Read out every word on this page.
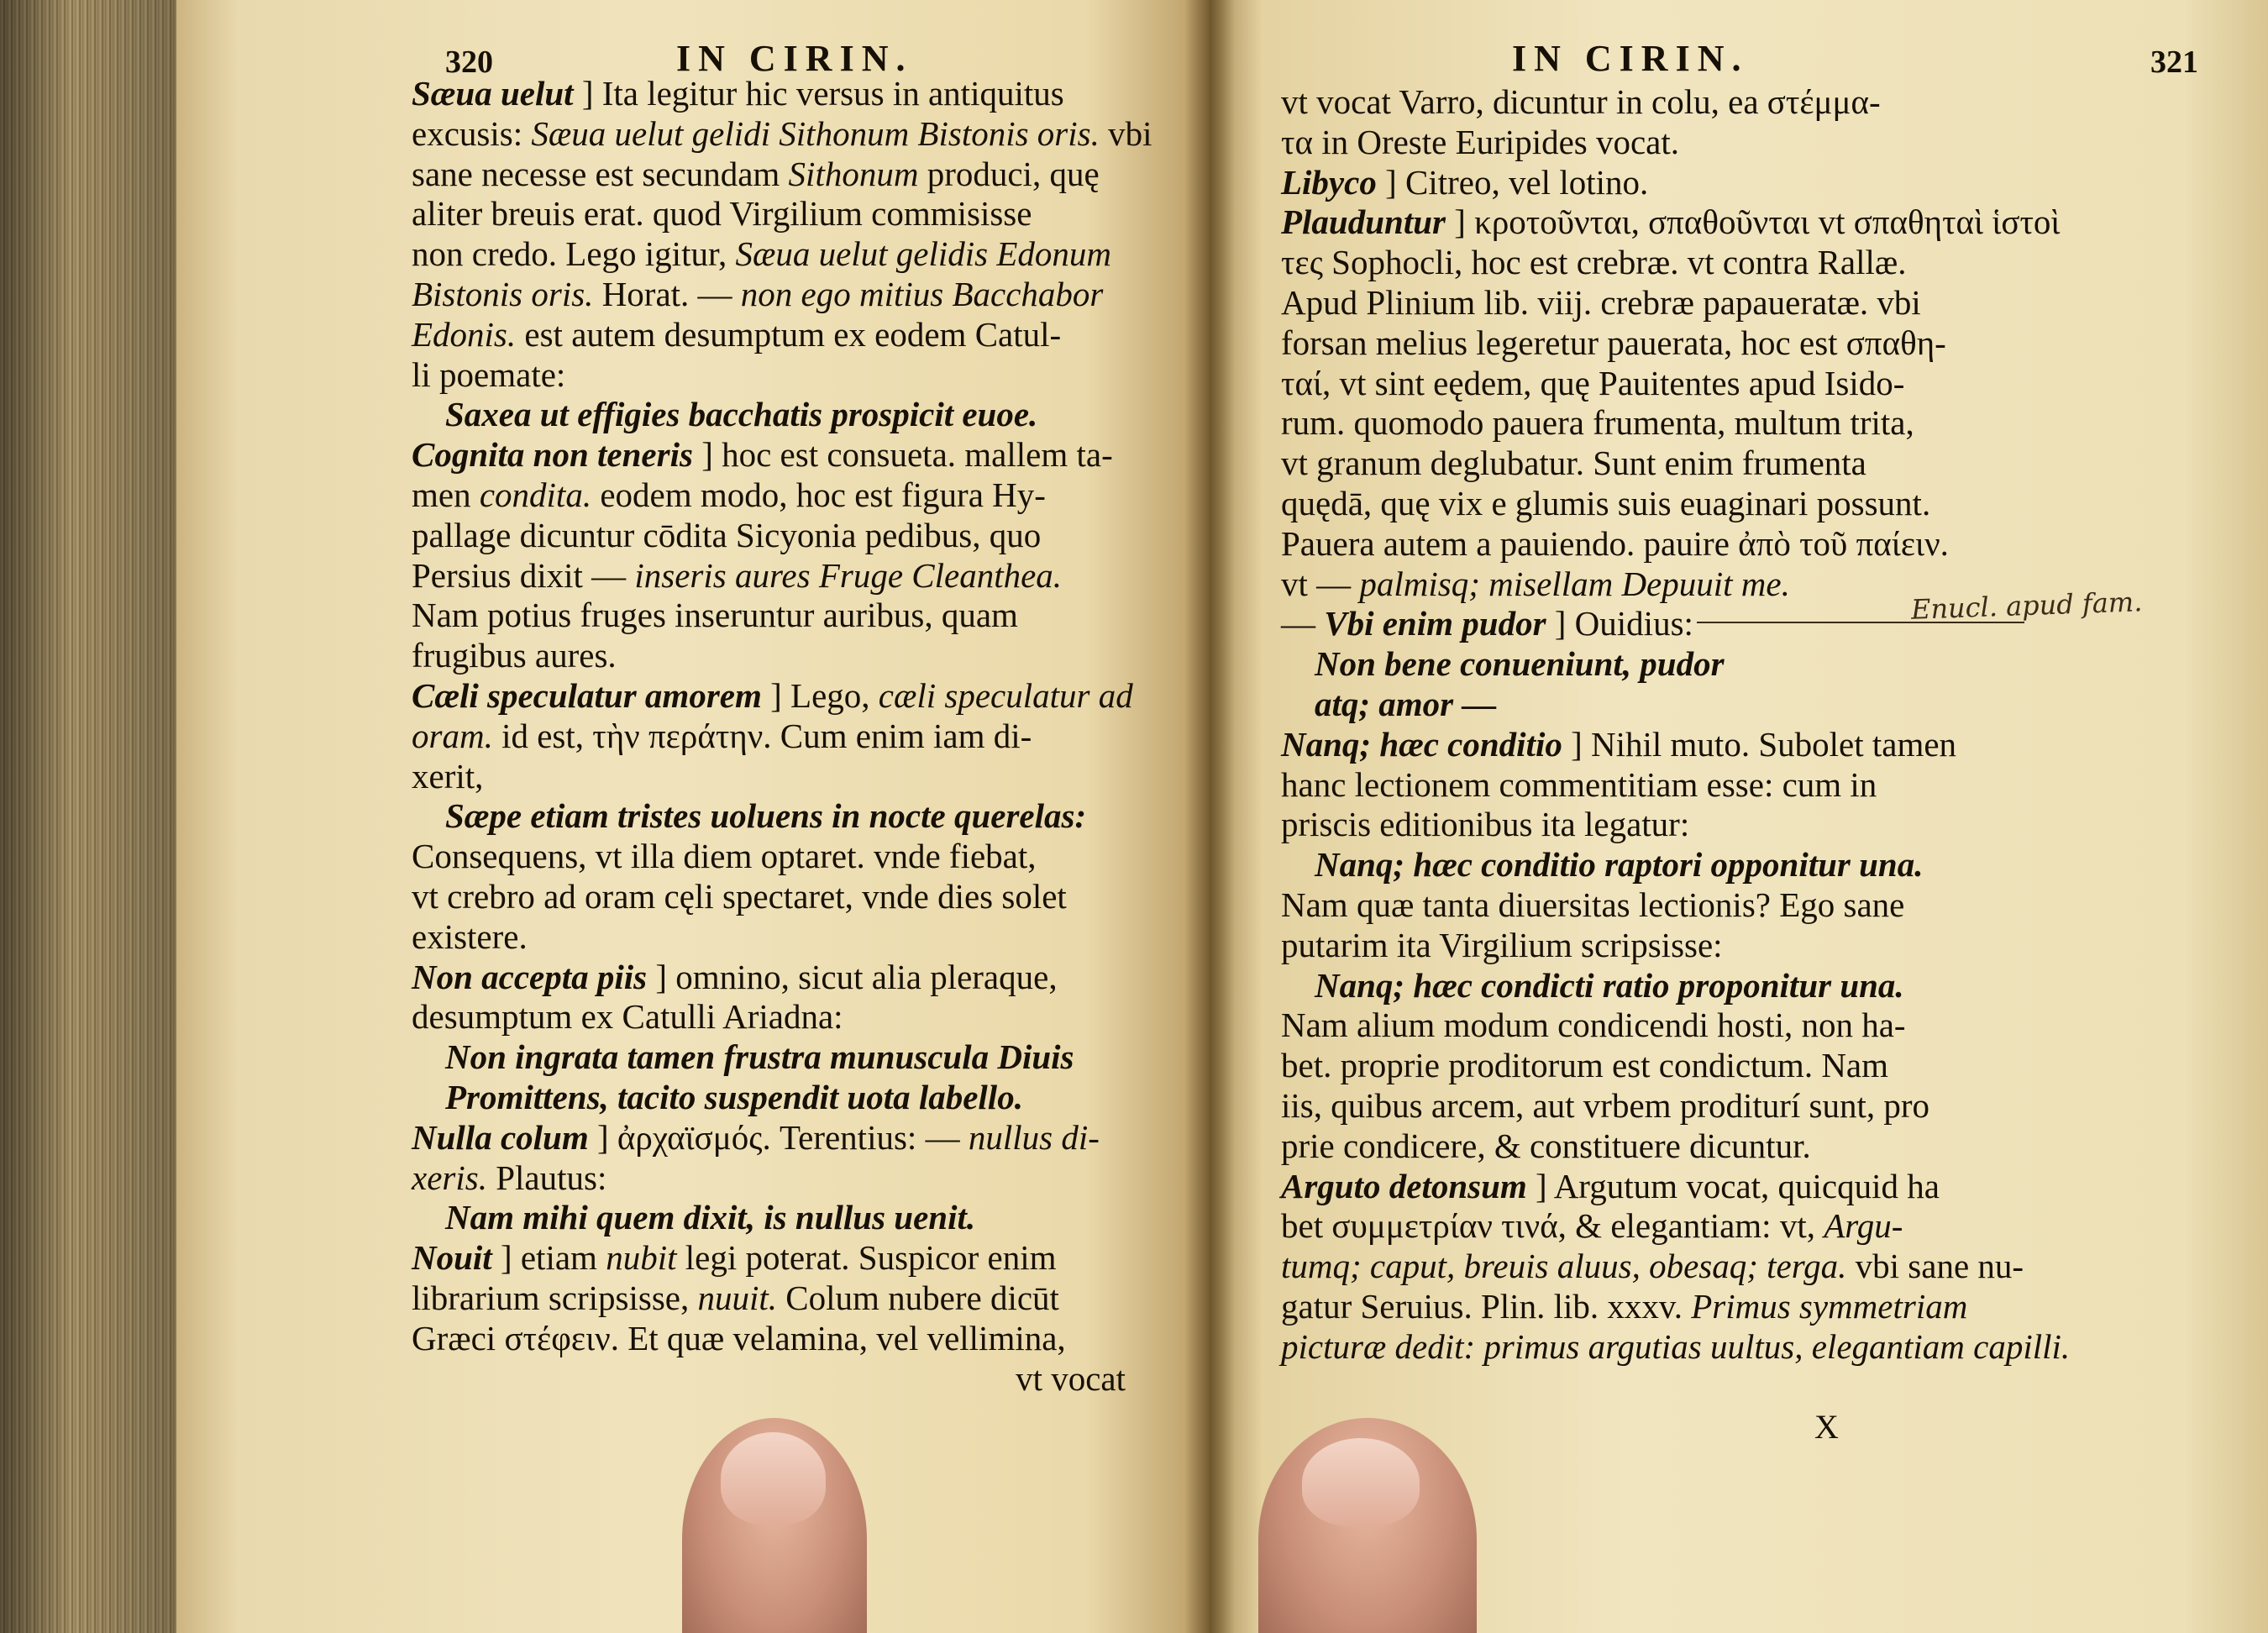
320	IN CIRIN.
Sæua uelut ] Ita legitur hic versus in antiquitus
excusis: Sæua uelut gelidi Sithonum Bistonis oris. vbi
sane necesse est secundam Sithonum produci, quę
aliter breuis erat. quod Virgilium commisisse
non credo. Lego igitur, Sæua uelut gelidis Edonum
Bistonis oris. Horat. — non ego mitius Bacchabor
Edonis. est autem desumptum ex eodem Catul-
li poemate:
Saxea ut effigies bacchatis prospicit euoe.
Cognita non teneris ] hoc est consueta. mallem ta-
men condita. eodem modo, hoc est figura Hy-
pallage dicuntur cōdita Sicyonia pedibus, quo
Persius dixit — inseris aures Fruge Cleanthea.
Nam potius fruges inseruntur auribus, quam
frugibus aures.
Cæli speculatur amorem ] Lego, cæli speculatur ad
oram. id est, τὴν περάτην. Cum enim iam di-
xerit,
Sæpe etiam tristes uoluens in nocte querelas:
Consequens, vt illa diem optaret. vnde fiebat,
vt crebro ad oram cęli spectaret, vnde dies solet
existere.
Non accepta piis ] omnino, sicut alia pleraque,
desumptum ex Catulli Ariadna:
Non ingrata tamen frustra munuscula Diuis
Promittens, tacito suspendit uota labello.
Nulla colum ] ἀρχαϊσμός. Terentius: — nullus di-
xeris. Plautus:
Nam mihi quem dixit, is nullus uenit.
Nouit ] etiam nubit legi poterat. Suspicor enim
librarium scripsisse, nuuit. Colum nubere dicūt
Græci στέφειν. Et quæ velamina, vel vellimina,
vt vocat
IN CIRIN.	321
vt vocat Varro, dicuntur in colu, ea στέμμα-
τα in Oreste Euripides vocat.
Libyco ] Citreo, vel lotino.
Plauduntur ] κροτοῦνται, σπαθοῦνται vt σπαθηταὶ ἱστοὶ
τες Sophocli, hoc est crebræ. vt contra Rallæ.
Apud Plinium lib. viij. crebræ papaueratæ. vbi
forsan melius legeretur pauerata, hoc est σπαθη-
ταί, vt sint eędem, quę Pauitentes apud Isido-
rum. quomodo pauera frumenta, multum trita,
vt granum deglubatur. Sunt enim frumenta
quędā, quę vix e glumis suis euaginari possunt.
Pauera autem a pauiendo. pauire ἀπὸ τοῦ παίειν.
vt — palmisq; misellam Depuuit me.
— Vbi enim pudor ] Ouidius:
Non bene conueniunt, pudor
atq; amor —
Nanq; hæc conditio ] Nihil muto. Subolet tamen
hanc lectionem commentitiam esse: cum in
priscis editionibus ita legatur:
Nanq; hæc conditio raptori opponitur una.
Nam quæ tanta diuersitas lectionis? Ego sane
putarim ita Virgilium scripsisse:
Nanq; hæc condicti ratio proponitur una.
Nam alium modum condicendi hosti, non ha-
bet. proprie proditorum est condictum. Nam
iis, quibus arcem, aut vrbem proditurí sunt, pro
prie condicere, & constituere dicuntur.
Arguto detonsum ] Argutum vocat, quicquid ha
bet συμμετρίαν τινά, & elegantiam: vt, Argu-
tumq; caput, breuis aluus, obesaq; terga. vbi sane nu-
gatur Seruius. Plin. lib. xxxv. Primus symmetriam
picturæ dedit: primus argutias uultus, elegantiam capilli.
Enucl. apud fam.
X
